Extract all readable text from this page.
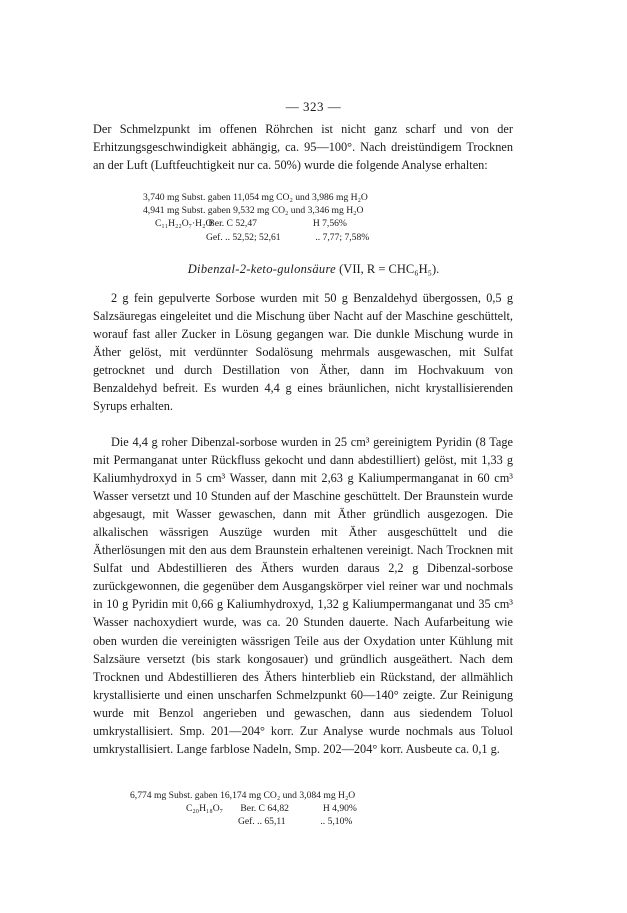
— 323 —

Der Schmelzpunkt im offenen Röhrchen ist nicht ganz scharf und von der Erhitzungsgeschwindigkeit abhängig, ca. 95—100°. Nach dreistündigem Trocknen an der Luft (Luftfeuchtigkeit nur ca. 50%) wurde die folgende Analyse erhalten:

3,740 mg Subst. gaben 11,054 mg CO₂ und 3,986 mg H₂O
4,941 mg Subst. gaben 9,532 mg CO₂ und 3,346 mg H₂O
C₁₁H₂₂O₇·H₂O Ber. C 52,47	H 7,56%
Gef. .. 52,52; 52,61	.. 7,77; 7,58%
Dibenzal-2-keto-gulonsäure (VII, R = CHC₆H₅).

2 g fein gepulverte Sorbose wurden mit 50 g Benzaldehyd übergossen, 0,5 g Salzsäuregas eingeleitet und die Mischung über Nacht auf der Maschine geschüttelt, worauf fast aller Zucker in Lösung gegangen war. Die dunkle Mischung wurde in Äther gelöst, mit verdünnter Sodalösung mehrmals ausgewaschen, mit Sulfat getrocknet und durch Destillation von Äther, dann im Hochvakuum von Benzaldehyd befreit. Es wurden 4,4 g eines bräunlichen, nicht krystallisierenden Syrups erhalten.

Die 4,4 g roher Dibenzal-sorbose wurden in 25 cm³ gereinigtem Pyridin (8 Tage mit Permanganat unter Rückfluss gekocht und dann abdestilliert) gelöst, mit 1,33 g Kaliumhydroxyd in 5 cm³ Wasser, dann mit 2,63 g Kaliumpermanganat in 60 cm³ Wasser versetzt und 10 Stunden auf der Maschine geschüttelt. Der Braunstein wurde abgesaugt, mit Wasser gewaschen, dann mit Äther gründlich ausgezogen. Die alkalischen wässrigen Auszüge wurden mit Äther ausgeschüttelt und die Ätherlösungen mit den aus dem Braunstein erhaltenen vereinigt. Nach Trocknen mit Sulfat und Abdestillieren des Äthers wurden daraus 2,2 g Dibenzal-sorbose zurückgewonnen, die gegenüber dem Ausgangskörper viel reiner war und nochmals in 10 g Pyridin mit 0,66 g Kaliumhydroxyd, 1,32 g Kaliumpermanganat und 35 cm³ Wasser nachoxydiert wurde, was ca. 20 Stunden dauerte. Nach Aufarbeitung wie oben wurden die vereinigten wässrigen Teile aus der Oxydation unter Kühlung mit Salzsäure versetzt (bis stark kongosauer) und gründlich ausgeäthert. Nach dem Trocknen und Abdestillieren des Äthers hinterblieb ein Rückstand, der allmählich krystallisierte und einen unscharfen Schmelzpunkt 60—140° zeigte. Zur Reinigung wurde mit Benzol angerieben und gewaschen, dann aus siedendem Toluol umkrystallisiert. Smp. 201—204° korr. Zur Analyse wurde nochmals aus Toluol umkrystallisiert. Lange farblose Nadeln, Smp. 202—204° korr. Ausbeute ca. 0,1 g.

6,774 mg Subst. gaben 16,174 mg CO₂ und 3,084 mg H₂O
C₂₀H₁₈O₇ Ber. C 64,82	H 4,90%
Gef. .. 65,11	.. 5,10%
